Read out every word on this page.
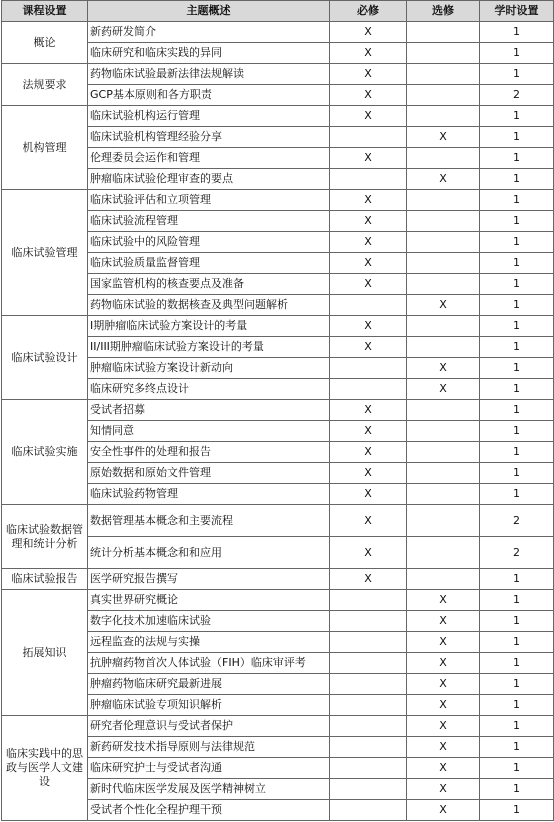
课程设置	主题概述	必修	选修	学时设置
概论	新药研发简介	X		1
	临床研究和临床实践的异同	X		1
法规要求	药物临床试验最新法律法规解读	X		1
	GCP基本原则和各方职责	X		2
机构管理	临床试验机构运行管理	X		1
	临床试验机构管理经验分享		X	1
	伦理委员会运作和管理	X		1
	肿瘤临床试验伦理审查的要点		X	1
临床试验管理	临床试验评估和立项管理	X		1
	临床试验流程管理	X		1
	临床试验中的风险管理	X		1
	临床试验质量监督管理	X		1
	国家监管机构的核查要点及准备	X		1
	药物临床试验的数据核查及典型问题解析		X	1
临床试验设计	I期肿瘤临床试验方案设计的考量	X		1
	II/III期肿瘤临床试验方案设计的考量	X		1
	肿瘤临床试验方案设计新动向		X	1
	临床研究多终点设计		X	1
临床试验实施	受试者招募	X		1
	知情同意	X		1
	安全性事件的处理和报告	X		1
	原始数据和原始文件管理	X		1
	临床试验药物管理	X		1
临床试验数据管理和统计分析	数据管理基本概念和主要流程	X		2
	统计分析基本概念和和应用	X		2
临床试验报告	医学研究报告撰写	X		1
拓展知识	真实世界研究概论		X	1
	数字化技术加速临床试验		X	1
	远程监查的法规与实操		X	1
	抗肿瘤药物首次人体试验（FIH）临床审评考		X	1
	肿瘤药物临床研究最新进展		X	1
	肿瘤临床试验专项知识解析		X	1
临床实践中的思政与医学人文建设	研究者伦理意识与受试者保护		X	1
	新药研发技术指导原则与法律规范		X	1
	临床研究护士与受试者沟通		X	1
	新时代临床医学发展及医学精神树立		X	1
	受试者个性化全程护理干预		X	1
